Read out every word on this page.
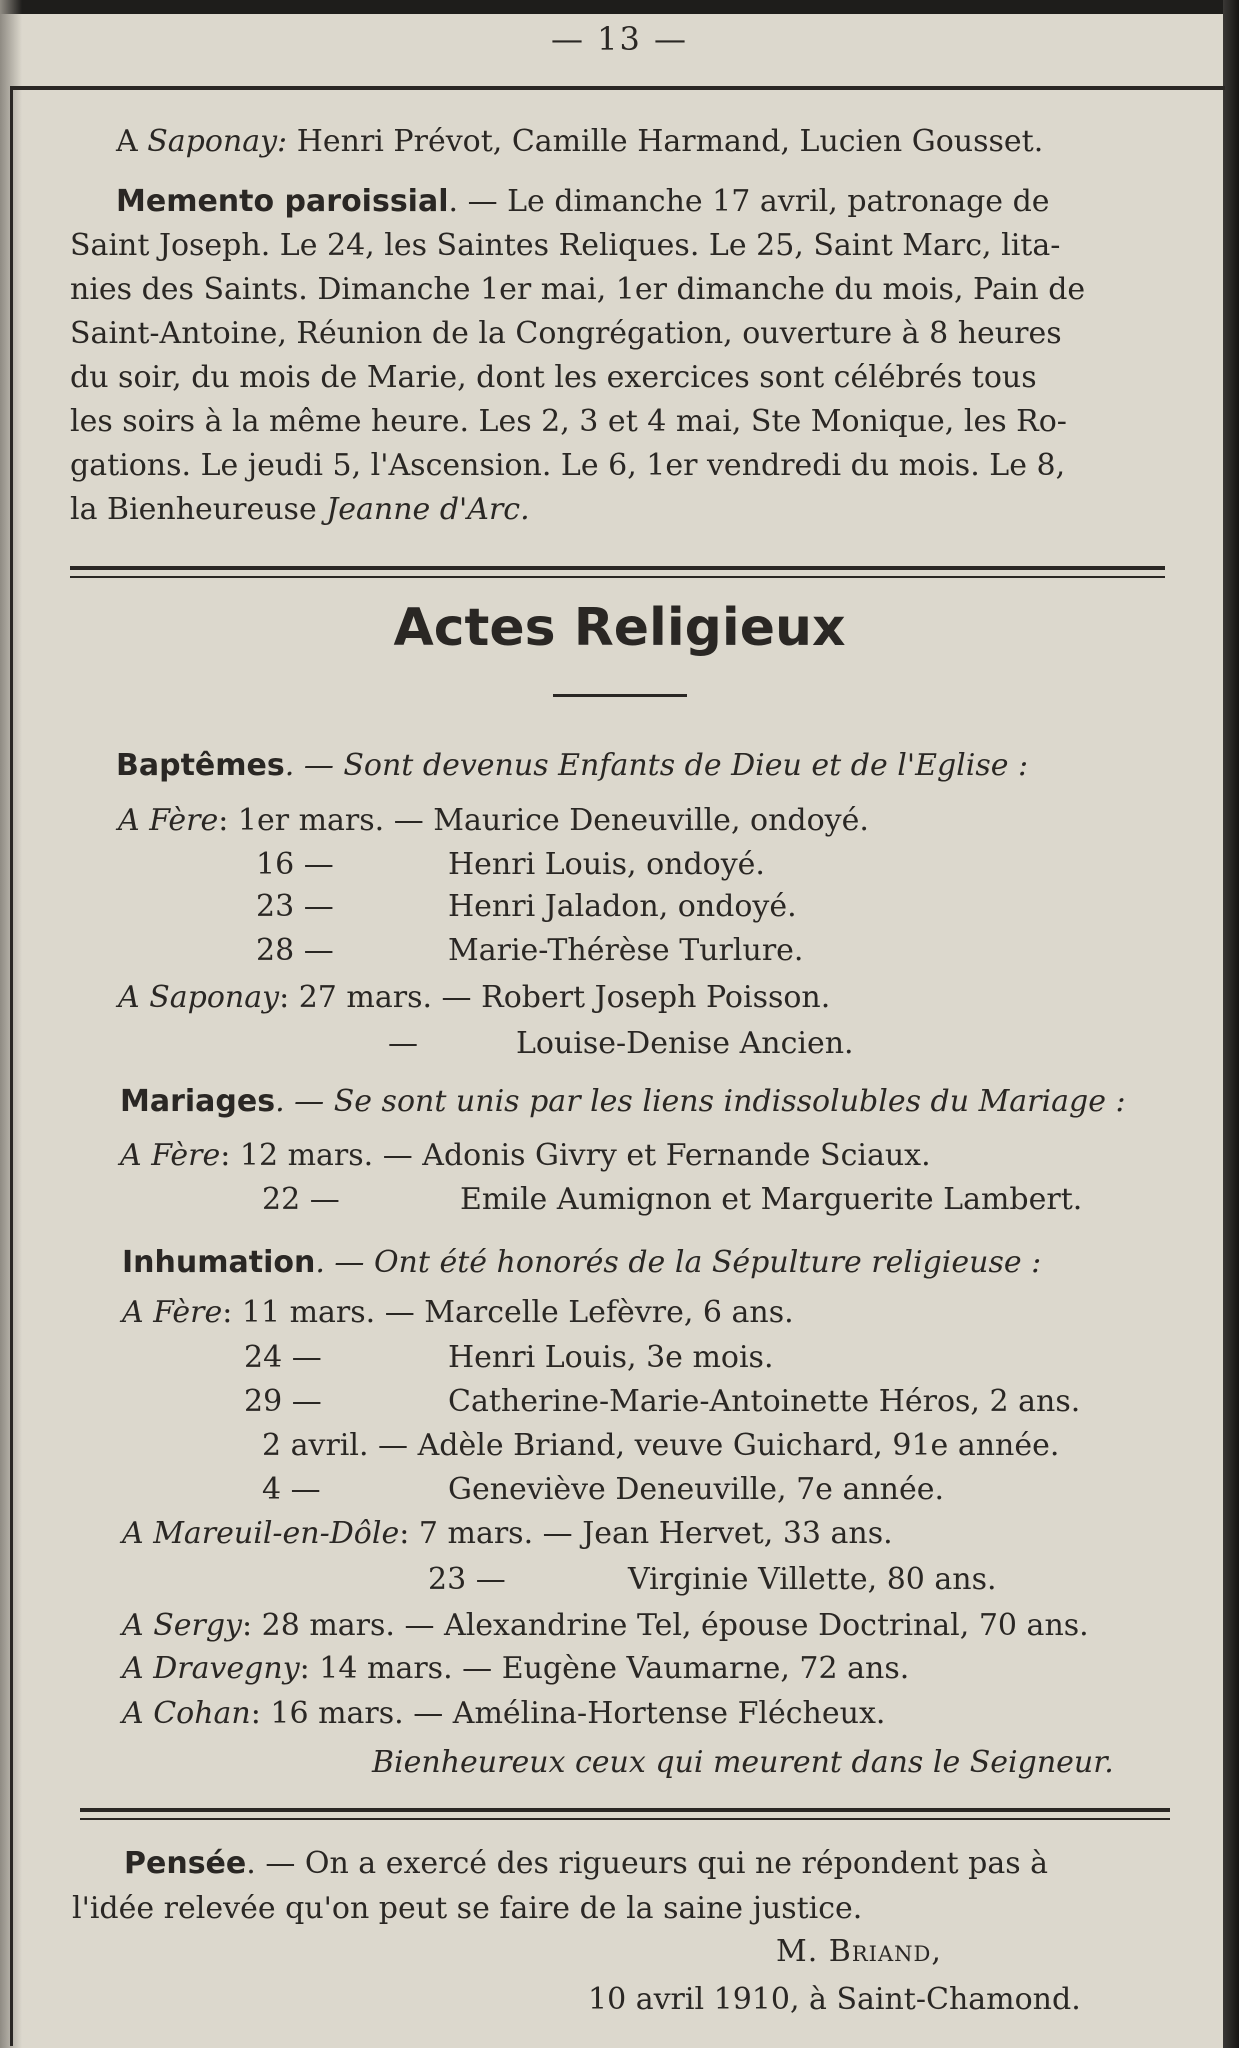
— 13 —
A Saponay: Henri Prévot, Camille Harmand, Lucien Gousset.
Memento paroissial. — Le dimanche 17 avril, patronage de
Saint Joseph. Le 24, les Saintes Reliques. Le 25, Saint Marc, lita-
nies des Saints. Dimanche 1er mai, 1er dimanche du mois, Pain de
Saint-Antoine, Réunion de la Congrégation, ouverture à 8 heures
du soir, du mois de Marie, dont les exercices sont célébrés tous
les soirs à la même heure. Les 2, 3 et 4 mai, Ste Monique, les Ro-
gations. Le jeudi 5, l'Ascension. Le 6, 1er vendredi du mois. Le 8,
la Bienheureuse Jeanne d'Arc.
Actes Religieux
Baptêmes. — Sont devenus Enfants de Dieu et de l'Eglise :
A Fère: 1er mars. — Maurice Deneuville, ondoyé.
16 —	Henri Louis, ondoyé.
23 —	Henri Jaladon, ondoyé.
28 —	Marie-Thérèse Turlure.
A Saponay: 27 mars. — Robert Joseph Poisson.
—	Louise-Denise Ancien.
Mariages. — Se sont unis par les liens indissolubles du Mariage :
A Fère: 12 mars. — Adonis Givry et Fernande Sciaux.
22 —	Emile Aumignon et Marguerite Lambert.
Inhumation. — Ont été honorés de la Sépulture religieuse :
A Fère: 11 mars. — Marcelle Lefèvre, 6 ans.
24 —	Henri Louis, 3e mois.
29 —	Catherine-Marie-Antoinette Héros, 2 ans.
2 avril. — Adèle Briand, veuve Guichard, 91e année.
4 —	Geneviève Deneuville, 7e année.
A Mareuil-en-Dôle: 7 mars. — Jean Hervet, 33 ans.
23 —	Virginie Villette, 80 ans.
A Sergy: 28 mars. — Alexandrine Tel, épouse Doctrinal, 70 ans.
A Dravegny: 14 mars. — Eugène Vaumarne, 72 ans.
A Cohan: 16 mars. — Amélina-Hortense Flécheux.
Bienheureux ceux qui meurent dans le Seigneur.
Pensée. — On a exercé des rigueurs qui ne répondent pas à
l'idée relevée qu'on peut se faire de la saine justice.
M. Briand,
10 avril 1910, à Saint-Chamond.
